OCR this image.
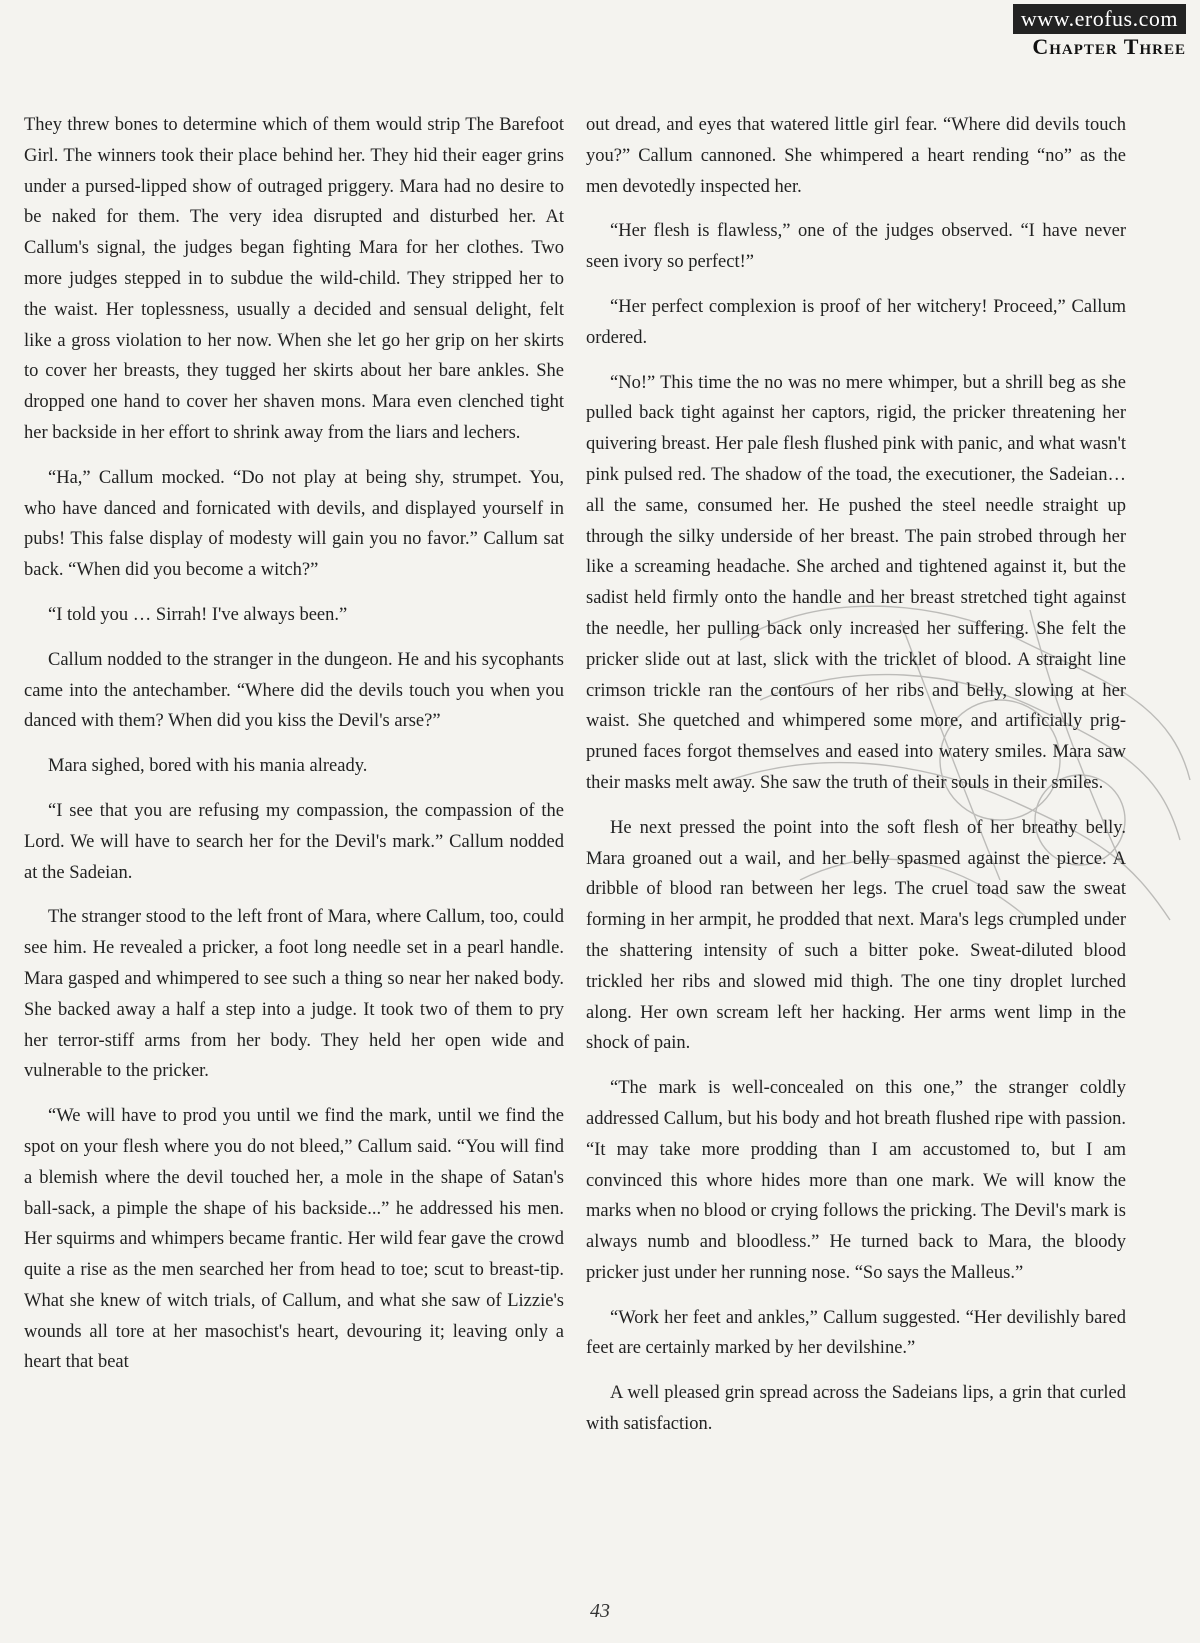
www.erofus.com
Chapter Three

They threw bones to determine which of them would strip The Barefoot Girl. The winners took their place behind her. They hid their eager grins under a pursed-lipped show of outraged priggery. Mara had no desire to be naked for them. The very idea disrupted and disturbed her. At Callum's signal, the judges began fighting Mara for her clothes. Two more judges stepped in to subdue the wild-child. They stripped her to the waist. Her toplessness, usually a decided and sensual delight, felt like a gross violation to her now. When she let go her grip on her skirts to cover her breasts, they tugged her skirts about her bare ankles. She dropped one hand to cover her shaven mons. Mara even clenched tight her backside in her effort to shrink away from the liars and lechers.

“Ha,” Callum mocked. “Do not play at being shy, strumpet. You, who have danced and fornicated with devils, and displayed yourself in pubs! This false display of modesty will gain you no favor.” Callum sat back. “When did you become a witch?”

“I told you … Sirrah! I've always been.”

Callum nodded to the stranger in the dungeon. He and his sycophants came into the antechamber. “Where did the devils touch you when you danced with them? When did you kiss the Devil's arse?”

Mara sighed, bored with his mania already.

“I see that you are refusing my compassion, the compassion of the Lord. We will have to search her for the Devil's mark.” Callum nodded at the Sadeian.

The stranger stood to the left front of Mara, where Callum, too, could see him. He revealed a pricker, a foot long needle set in a pearl handle. Mara gasped and whimpered to see such a thing so near her naked body. She backed away a half a step into a judge. It took two of them to pry her terror-stiff arms from her body. They held her open wide and vulnerable to the pricker.

“We will have to prod you until we find the mark, until we find the spot on your flesh where you do not bleed,” Callum said. “You will find a blemish where the devil touched her, a mole in the shape of Satan's ball-sack, a pimple the shape of his backside...” he addressed his men. Her squirms and whimpers became frantic. Her wild fear gave the crowd quite a rise as the men searched her from head to toe; scut to breast-tip. What she knew of witch trials, of Callum, and what she saw of Lizzie's wounds all tore at her masochist's heart, devouring it; leaving only a heart that beat

out dread, and eyes that watered little girl fear. “Where did devils touch you?” Callum cannoned. She whimpered a heart rending “no” as the men devotedly inspected her.

“Her flesh is flawless,” one of the judges observed. “I have never seen ivory so perfect!”

“Her perfect complexion is proof of her witchery! Proceed,” Callum ordered.

“No!” This time the no was no mere whimper, but a shrill beg as she pulled back tight against her captors, rigid, the pricker threatening her quivering breast. Her pale flesh flushed pink with panic, and what wasn't pink pulsed red. The shadow of the toad, the executioner, the Sadeian… all the same, consumed her. He pushed the steel needle straight up through the silky underside of her breast. The pain strobed through her like a screaming headache. She arched and tightened against it, but the sadist held firmly onto the handle and her breast stretched tight against the needle, her pulling back only increased her suffering. She felt the pricker slide out at last, slick with the tricklet of blood. A straight line crimson trickle ran the contours of her ribs and belly, slowing at her waist. She quetched and whimpered some more, and artificially prig-pruned faces forgot themselves and eased into watery smiles. Mara saw their masks melt away. She saw the truth of their souls in their smiles.

He next pressed the point into the soft flesh of her breathy belly. Mara groaned out a wail, and her belly spasmed against the pierce. A dribble of blood ran between her legs. The cruel toad saw the sweat forming in her armpit, he prodded that next. Mara's legs crumpled under the shattering intensity of such a bitter poke. Sweat-diluted blood trickled her ribs and slowed mid thigh. The one tiny droplet lurched along. Her own scream left her hacking. Her arms went limp in the shock of pain.

“The mark is well-concealed on this one,” the stranger coldly addressed Callum, but his body and hot breath flushed ripe with passion. “It may take more prodding than I am accustomed to, but I am convinced this whore hides more than one mark. We will know the marks when no blood or crying follows the pricking. The Devil's mark is always numb and bloodless.” He turned back to Mara, the bloody pricker just under her running nose. “So says the Malleus.”

“Work her feet and ankles,” Callum suggested. “Her devilishly bared feet are certainly marked by her devilshine.”

A well pleased grin spread across the Sadeians lips, a grin that curled with satisfaction.

43
